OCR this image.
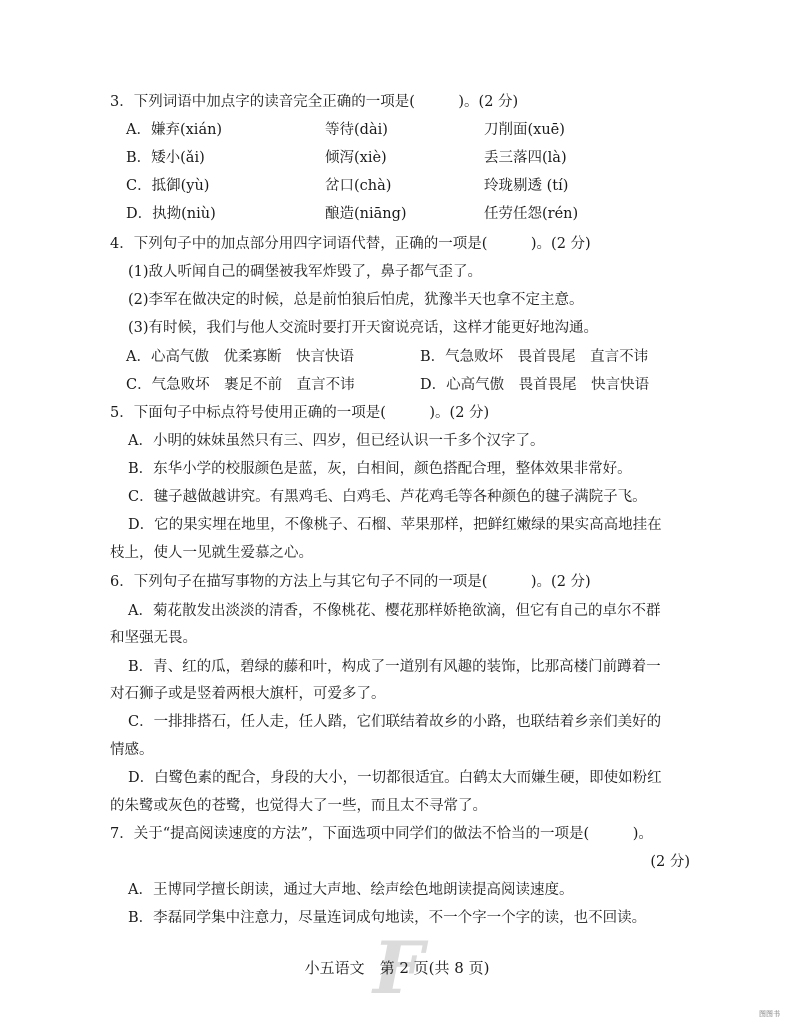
3．下列词语中加点字的读音完全正确的一项是(　　　)。(2 分)
A．嫌弃(xián)	等待(dài)	刀削面(xuē)
B．矮小(ǎi)	倾泻(xiè)	丢三落四(là)
C．抵御(yù)	岔口(chà)	玲珑剔透 (tí)
D．执拗(niù)	酿造(niāng)	任劳任怨(rén)
4．下列句子中的加点部分用四字词语代替，正确的一项是(　　　)。(2 分)
(1)敌人听闻自己的碉堡被我军炸毁了，鼻子都气歪了。
(2)李军在做决定的时候，总是前怕狼后怕虎，犹豫半天也拿不定主意。
(3)有时候，我们与他人交流时要打开天窗说亮话，这样才能更好地沟通。
A．心高气傲　优柔寡断　快言快语	B．气急败坏　畏首畏尾　直言不讳
C．气急败坏　裹足不前　直言不讳	D．心高气傲　畏首畏尾　快言快语
5．下面句子中标点符号使用正确的一项是(　　　)。(2 分)
A．小明的妹妹虽然只有三、四岁，但已经认识一千多个汉字了。
B．东华小学的校服颜色是蓝，灰，白相间，颜色搭配合理，整体效果非常好。
C．毽子越做越讲究。有黑鸡毛、白鸡毛、芦花鸡毛等各种颜色的毽子满院子飞。
D．它的果实埋在地里，不像桃子、石榴、苹果那样，把鲜红嫩绿的果实高高地挂在
枝上，使人一见就生爱慕之心。
6．下列句子在描写事物的方法上与其它句子不同的一项是(　　　)。(2 分)
A．菊花散发出淡淡的清香，不像桃花、樱花那样娇艳欲滴，但它有自己的卓尔不群
和坚强无畏。
B．青、红的瓜，碧绿的藤和叶，构成了一道别有风趣的装饰，比那高楼门前蹲着一
对石狮子或是竖着两根大旗杆，可爱多了。
C．一排排搭石，任人走，任人踏，它们联结着故乡的小路，也联结着乡亲们美好的
情感。
D．白鹭色素的配合，身段的大小，一切都很适宜。白鹤太大而嫌生硬，即使如粉红
的朱鹭或灰色的苍鹭，也觉得大了一些，而且太不寻常了。
7．关于“提高阅读速度的方法”，下面选项中同学们的做法不恰当的一项是(　　　)。
(2 分)
A．王博同学擅长朗读，通过大声地、绘声绘色地朗读提高阅读速度。
B．李磊同学集中注意力，尽量连词成句地读，不一个字一个字的读，也不回读。
F
小五语文　第 2 页(共 8 页)
图图书
